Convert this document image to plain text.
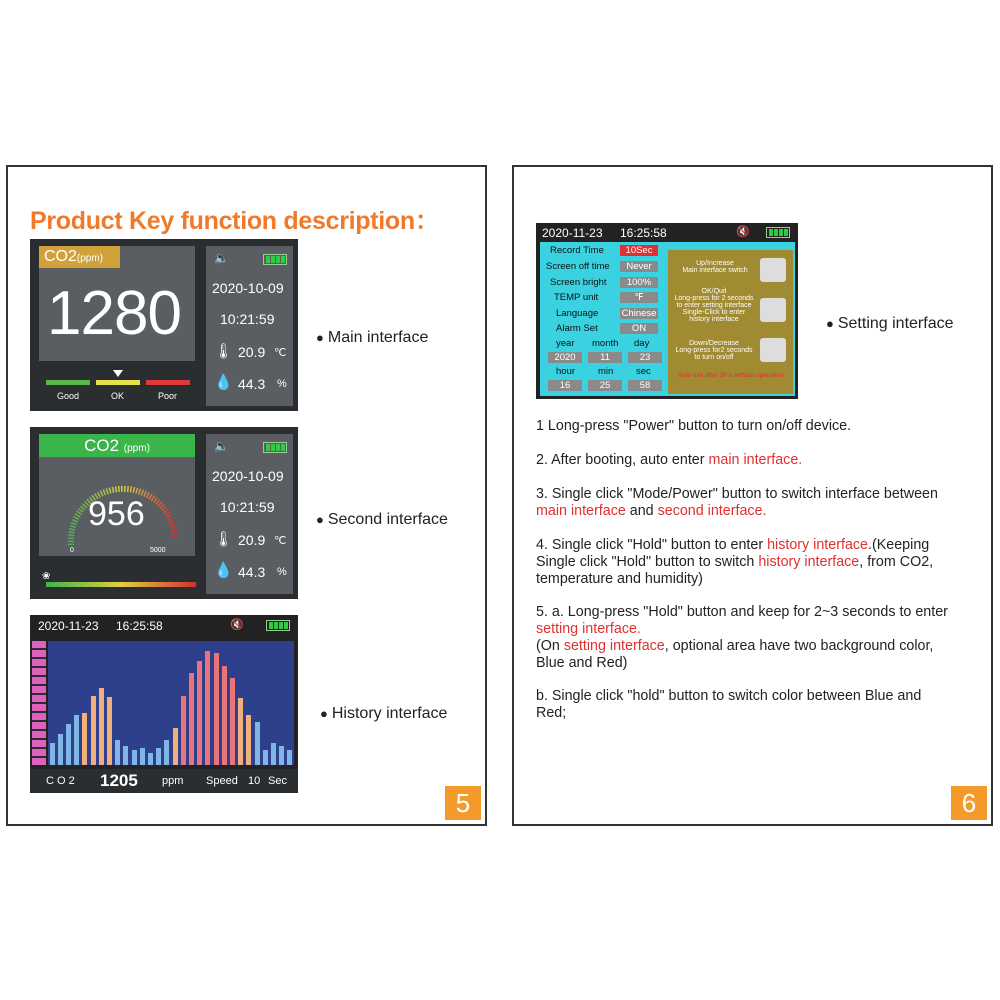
Product Key function description：
CO2(ppm)
1280
Good	OK	Poor
🔈
2020-10-09
10:21:59
🌡 20.9 ℃
💧 44.3 %
● Main interface
CO2 (ppm)
956
0	5000
❀
🔈
2020-10-09
10:21:59
🌡 20.9 ℃
💧 44.3 %
● Second interface
2020-11-23 16:25:58	🔇
C O 2 1205 ppm Speed 10 Sec
● History interface
5
2020-11-23 16:25:58	🔇
Record Time	10Sec
Screen off time	Never
Screen bright	100%
TEMP unit	℉
Language Chinese
Alarm Set	ON
year month day
2020	11	23
hour min sec
16	25	58
Up/Increase
Main interface switch
OK/Quit
Long-press for 2 seconds
to enter setting interface
Single-Click to enter
history interface
Down/Decrease
Long-press for2 seconds
to turn on/off
Auto exit after 30 s without operation
● Setting interface
1 Long-press "Power" button to turn on/off device.
2. After booting, auto enter main interface.
3. Single click "Mode/Power" button to switch interface between
main interface and second interface.
4. Single click "Hold" button to enter history interface.(Keeping
Single click "Hold" button to switch history interface, from CO2,
temperature and humidity)
5. a. Long-press "Hold" button and keep for 2~3 seconds to enter
setting interface.
(On setting interface, optional area have two background color,
Blue and Red)
b. Single click "hold" button to switch color between Blue and
Red;
6
